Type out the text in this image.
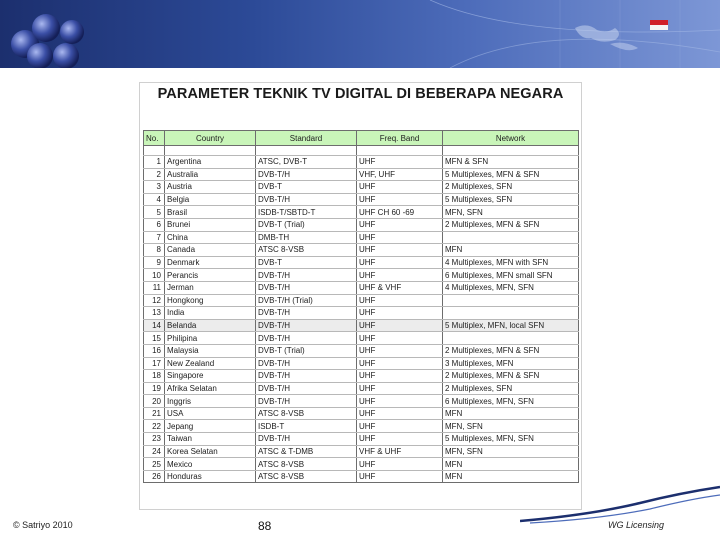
PARAMETER TEKNIK TV DIGITAL DI BEBERAPA NEGARA
No.	Country	Standard	Freq. Band	Network

1	Argentina	ATSC, DVB-T	UHF	MFN & SFN
2	Australia	DVB-T/H	VHF, UHF	5 Multiplexes, MFN & SFN
3	Austria	DVB-T	UHF	2 Multiplexes, SFN
4	Belgia	DVB-T/H	UHF	5 Multiplexes, SFN
5	Brasil	ISDB-T/SBTD-T	UHF CH 60 -69	MFN, SFN
6	Brunei	DVB-T (Trial)	UHF	2 Multiplexes, MFN & SFN
7	China	DMB-TH	UHF	
8	Canada	ATSC 8-VSB	UHF	MFN
9	Denmark	DVB-T	UHF	4 Multiplexes, MFN with SFN
10	Perancis	DVB-T/H	UHF	6 Multiplexes, MFN small SFN
11	Jerman	DVB-T/H	UHF & VHF	4 Multiplexes, MFN, SFN
12	Hongkong	DVB-T/H (Trial)	UHF	
13	India	DVB-T/H	UHF	
14	Belanda	DVB-T/H	UHF	5 Multiplex, MFN, local SFN
15	Philipina	DVB-T/H	UHF	
16	Malaysia	DVB-T (Trial)	UHF	2 Multiplexes, MFN & SFN
17	New Zealand	DVB-T/H	UHF	3 Multiplexes, MFN
18	Singapore	DVB-T/H	UHF	2 Multiplexes, MFN & SFN
19	Afrika Selatan	DVB-T/H	UHF	2 Multiplexes, SFN
20	Inggris	DVB-T/H	UHF	6 Multiplexes, MFN, SFN
21	USA	ATSC 8-VSB	UHF	MFN
22	Jepang	ISDB-T	UHF	MFN, SFN
23	Taiwan	DVB-T/H	UHF	5 Multiplexes, MFN, SFN
24	Korea Selatan	ATSC & T-DMB	VHF & UHF	MFN, SFN
25	Mexico	ATSC 8-VSB	UHF	MFN
26	Honduras	ATSC 8-VSB	UHF	MFN
© Satriyo 2010	88	WG Licensing
